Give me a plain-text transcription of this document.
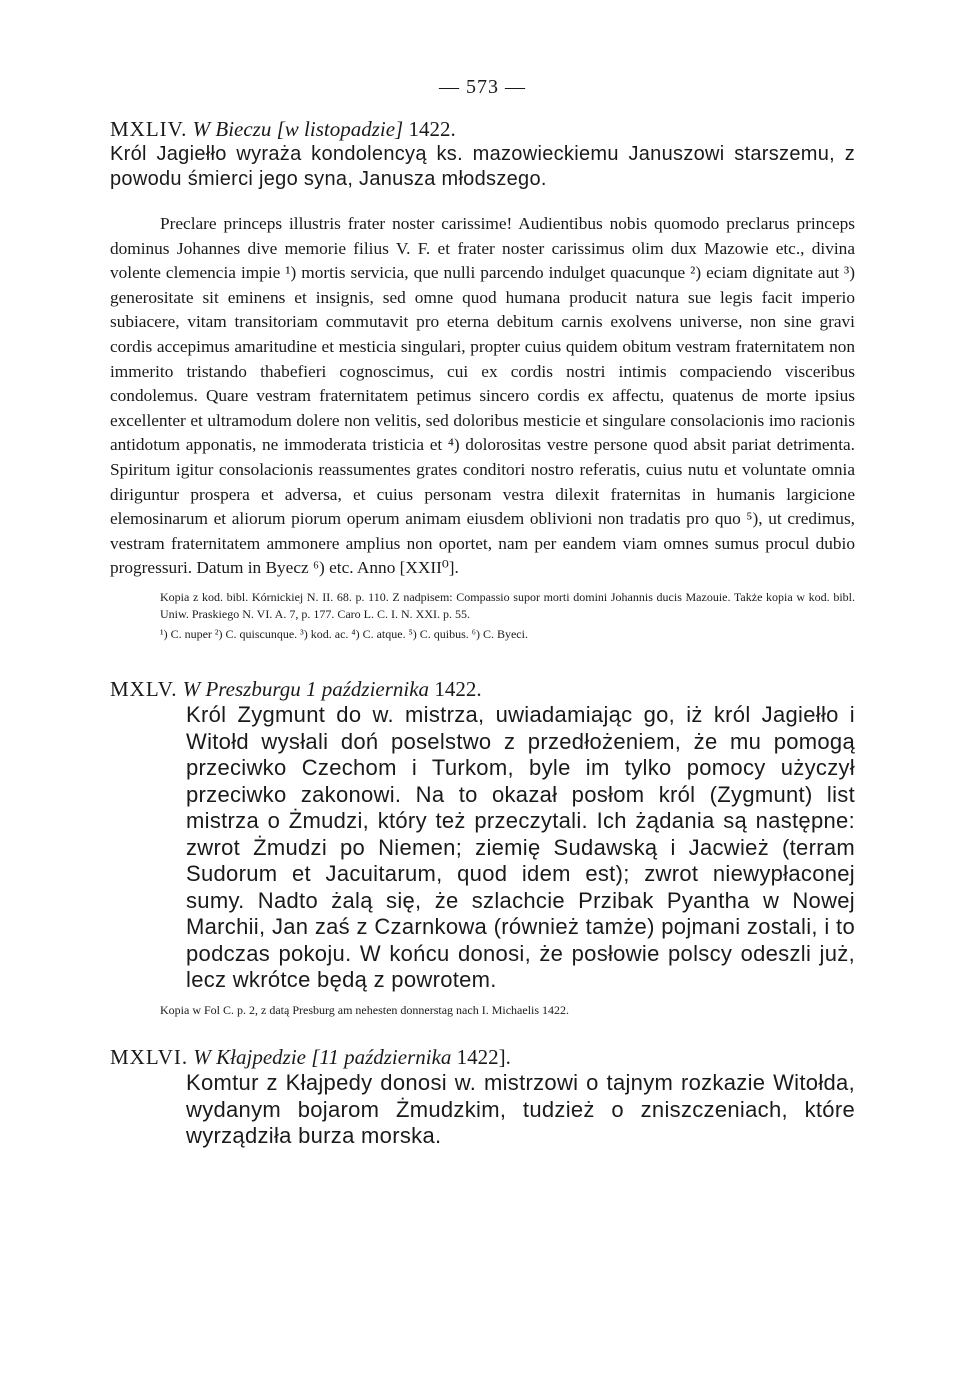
— 573 —
MXLIV. W Bieczu [w listopadzie] 1422.
Król Jagiełło wyraża kondolencyą ks. mazowieckiemu Januszowi starszemu, z powodu śmierci jego syna, Janusza młodszego.

Preclare princeps illustris frater noster carissime! Audientibus nobis quomodo preclarus princeps dominus Johannes dive memorie filius V. F. et frater noster carissimus olim dux Mazowie etc., divina volente clemencia impie ¹) mortis servicia, que nulli parcendo indulget quacunque ²) eciam dignitate aut ³) generositate sit eminens et insignis, sed omne quod humana producit natura sue legis facit imperio subiacere, vitam transitoriam commutavit pro eterna debitum carnis exolvens universe, non sine gravi cordis accepimus amaritudine et mesticia singulari, propter cuius quidem obitum vestram fraternitatem non immerito tristando thabefieri cognoscimus, cui ex cordis nostri intimis compaciendo visceribus condolemus. Quare vestram fraternitatem petimus sincero cordis ex affectu, quatenus de morte ipsius excellenter et ultramodum dolere non velitis, sed doloribus mesticie et singulare consolacionis imo racionis antidotum apponatis, ne immoderata tristicia et ⁴) dolorositas vestre persone quod absit pariat detrimenta. Spiritum igitur consolacionis reassumentes grates conditori nostro referatis, cuius nutu et voluntate omnia diriguntur prospera et adversa, et cuius personam vestra dilexit fraternitas in humanis largicione elemosinarum et aliorum piorum operum animam eiusdem oblivioni non tradatis pro quo ⁵), ut credimus, vestram fraternitatem ammonere amplius non oportet, nam per eandem viam omnes sumus procul dubio progressuri. Datum in Byecz ⁶) etc. Anno [XXII⁰].

Kopia z kod. bibl. Kórnickiej N. II. 68. p. 110. Z nadpisem: Compassio supor morti domini Johannis ducis Mazouie. Także kopia w kod. bibl. Uniw. Praskiego N. VI. A. 7, p. 177. Caro L. C. I. N. XXI. p. 55.
¹) C. nuper ²) C. quiscunque. ³) kod. ac. ⁴) C. atque. ⁵) C. quibus. ⁶) C. Byeci.
MXLV. W Preszburgu 1 października 1422.
Król Zygmunt do w. mistrza, uwiadamiając go, iż król Jagiełło i Witołd wysłali doń poselstwo z przedłożeniem, że mu pomogą przeciwko Czechom i Turkom, byle im tylko pomocy użyczył przeciwko zakonowi. Na to okazał posłom król (Zygmunt) list mistrza o Żmudzi, który też przeczytali. Ich żądania są następne: zwrot Żmudzi po Niemen; ziemię Sudawską i Jacwież (terram Sudorum et Jacuitarum, quod idem est); zwrot niewypłaconej sumy. Nadto żalą się, że szlachcie Przibak Pyantha w Nowej Marchii, Jan zaś z Czarnkowa (również tamże) pojmani zostali, i to podczas pokoju. W końcu donosi, że posłowie polscy odeszli już, lecz wkrótce będą z powrotem.
Kopia w Fol C. p. 2, z datą Presburg am nehesten donnerstag nach I. Michaelis 1422.
MXLVI. W Kłajpedzie [11 października 1422].
Komtur z Kłajpedy donosi w. mistrzowi o tajnym rozkazie Witołda, wydanym bojarom Żmudzkim, tudzież o zniszczeniach, które wyrządziła burza morska.
